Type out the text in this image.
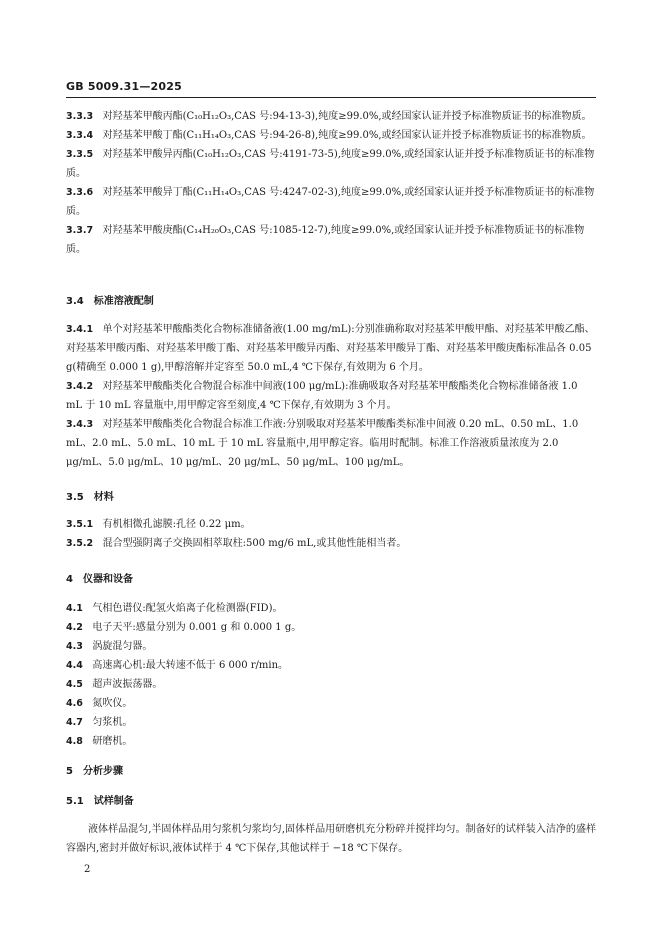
GB 5009.31—2025
3.3.3 对羟基苯甲酸丙酯(C₁₀H₁₂O₃,CAS 号:94-13-3),纯度≥99.0%,或经国家认证并授予标准物质证书的标准物质。
3.3.4 对羟基苯甲酸丁酯(C₁₁H₁₄O₃,CAS 号:94-26-8),纯度≥99.0%,或经国家认证并授予标准物质证书的标准物质。
3.3.5 对羟基苯甲酸异丙酯(C₁₀H₁₂O₃,CAS 号:4191-73-5),纯度≥99.0%,或经国家认证并授予标准物质证书的标准物质。
3.3.6 对羟基苯甲酸异丁酯(C₁₁H₁₄O₃,CAS 号:4247-02-3),纯度≥99.0%,或经国家认证并授予标准物质证书的标准物质。
3.3.7 对羟基苯甲酸庚酯(C₁₄H₂₀O₃,CAS 号:1085-12-7),纯度≥99.0%,或经国家认证并授予标准物质证书的标准物质。
3.4 标准溶液配制
3.4.1 单个对羟基苯甲酸酯类化合物标准储备液(1.00 mg/mL):分别准确称取对羟基苯甲酸甲酯、对羟基苯甲酸乙酯、对羟基苯甲酸丙酯、对羟基苯甲酸丁酯、对羟基苯甲酸异丙酯、对羟基苯甲酸异丁酯、对羟基苯甲酸庚酯标准品各 0.05 g(精确至 0.000 1 g),甲醇溶解并定容至 50.0 mL,4 ℃下保存,有效期为 6 个月。
3.4.2 对羟基苯甲酸酯类化合物混合标准中间液(100 μg/mL):准确吸取各对羟基苯甲酸酯类化合物标准储备液 1.0 mL 于 10 mL 容量瓶中,用甲醇定容至刻度,4 ℃下保存,有效期为 3 个月。
3.4.3 对羟基苯甲酸酯类化合物混合标准工作液:分别吸取对羟基苯甲酸酯类标准中间液 0.20 mL、0.50 mL、1.0 mL、2.0 mL、5.0 mL、10 mL 于 10 mL 容量瓶中,用甲醇定容。临用时配制。标准工作溶液质量浓度为 2.0 μg/mL、5.0 μg/mL、10 μg/mL、20 μg/mL、50 μg/mL、100 μg/mL。
3.5 材料
3.5.1 有机相微孔滤膜:孔径 0.22 μm。
3.5.2 混合型强阴离子交换固相萃取柱:500 mg/6 mL,或其他性能相当者。
4 仪器和设备
4.1 气相色谱仪:配氢火焰离子化检测器(FID)。
4.2 电子天平:感量分别为 0.001 g 和 0.000 1 g。
4.3 涡旋混匀器。
4.4 高速离心机:最大转速不低于 6 000 r/min。
4.5 超声波振荡器。
4.6 氮吹仪。
4.7 匀浆机。
4.8 研磨机。
5 分析步骤
5.1 试样制备
液体样品混匀,半固体样品用匀浆机匀浆均匀,固体样品用研磨机充分粉碎并搅拌均匀。制备好的试样装入洁净的盛样容器内,密封并做好标识,液体试样于 4 ℃下保存,其他试样于 −18 ℃下保存。
2
